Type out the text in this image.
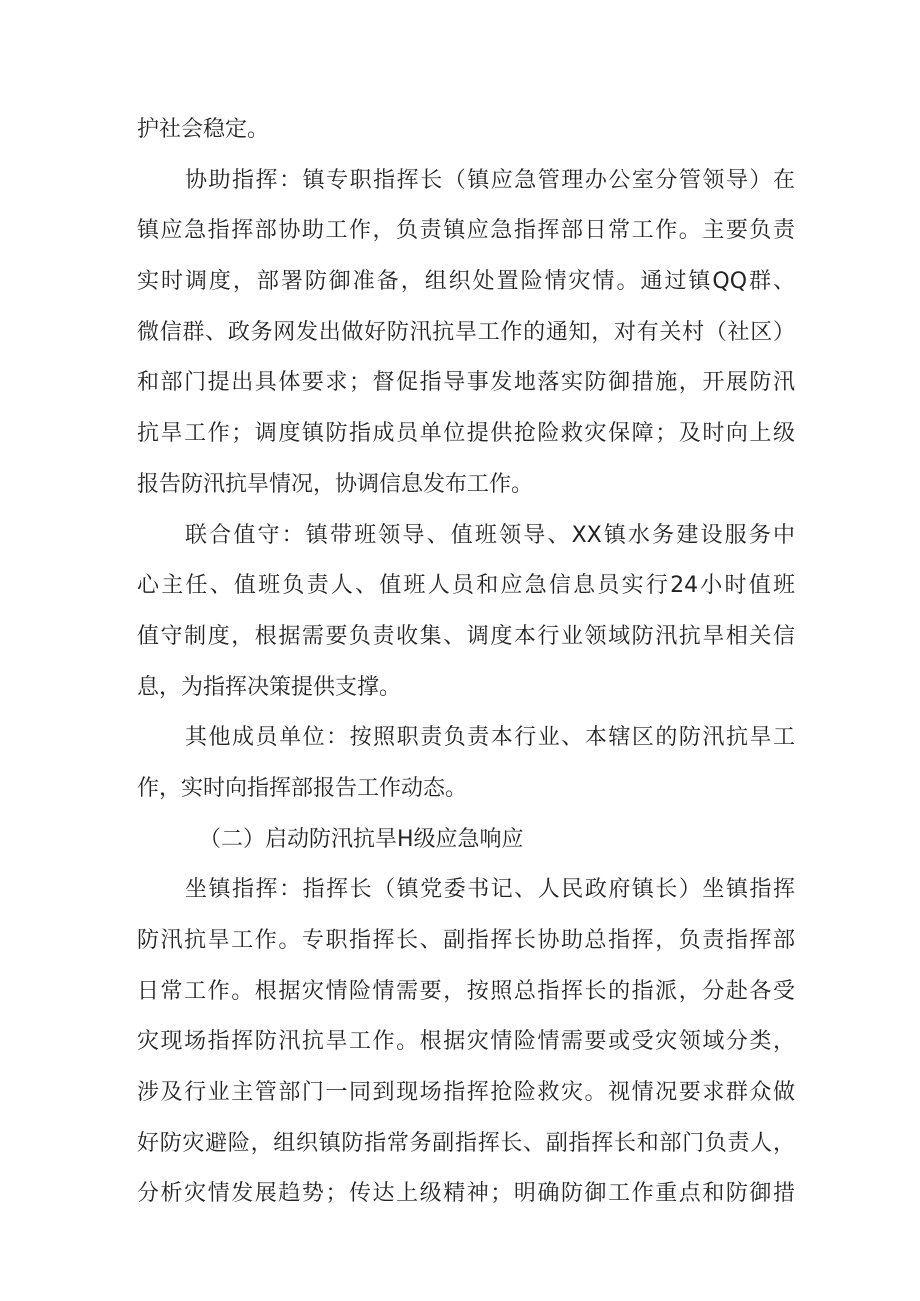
护社会稳定。
协助指挥：镇专职指挥长（镇应急管理办公室分管领导）在
镇应急指挥部协助工作，负责镇应急指挥部日常工作。主要负责
实时调度，部署防御准备，组织处置险情灾情。通过镇QQ群、
微信群、政务网发出做好防汛抗旱工作的通知，对有关村（社区）
和部门提出具体要求；督促指导事发地落实防御措施，开展防汛
抗旱工作；调度镇防指成员单位提供抢险救灾保障；及时向上级
报告防汛抗旱情况，协调信息发布工作。
联合值守：镇带班领导、值班领导、XX镇水务建设服务中
心主任、值班负责人、值班人员和应急信息员实行24小时值班
值守制度，根据需要负责收集、调度本行业领域防汛抗旱相关信
息，为指挥决策提供支撑。
其他成员单位：按照职责负责本行业、本辖区的防汛抗旱工
作，实时向指挥部报告工作动态。
（二）启动防汛抗旱H级应急响应
坐镇指挥：指挥长（镇党委书记、人民政府镇长）坐镇指挥
防汛抗旱工作。专职指挥长、副指挥长协助总指挥，负责指挥部
日常工作。根据灾情险情需要，按照总指挥长的指派，分赴各受
灾现场指挥防汛抗旱工作。根据灾情险情需要或受灾领域分类，
涉及行业主管部门一同到现场指挥抢险救灾。视情况要求群众做
好防灾避险，组织镇防指常务副指挥长、副指挥长和部门负责人，
分析灾情发展趋势；传达上级精神；明确防御工作重点和防御措
